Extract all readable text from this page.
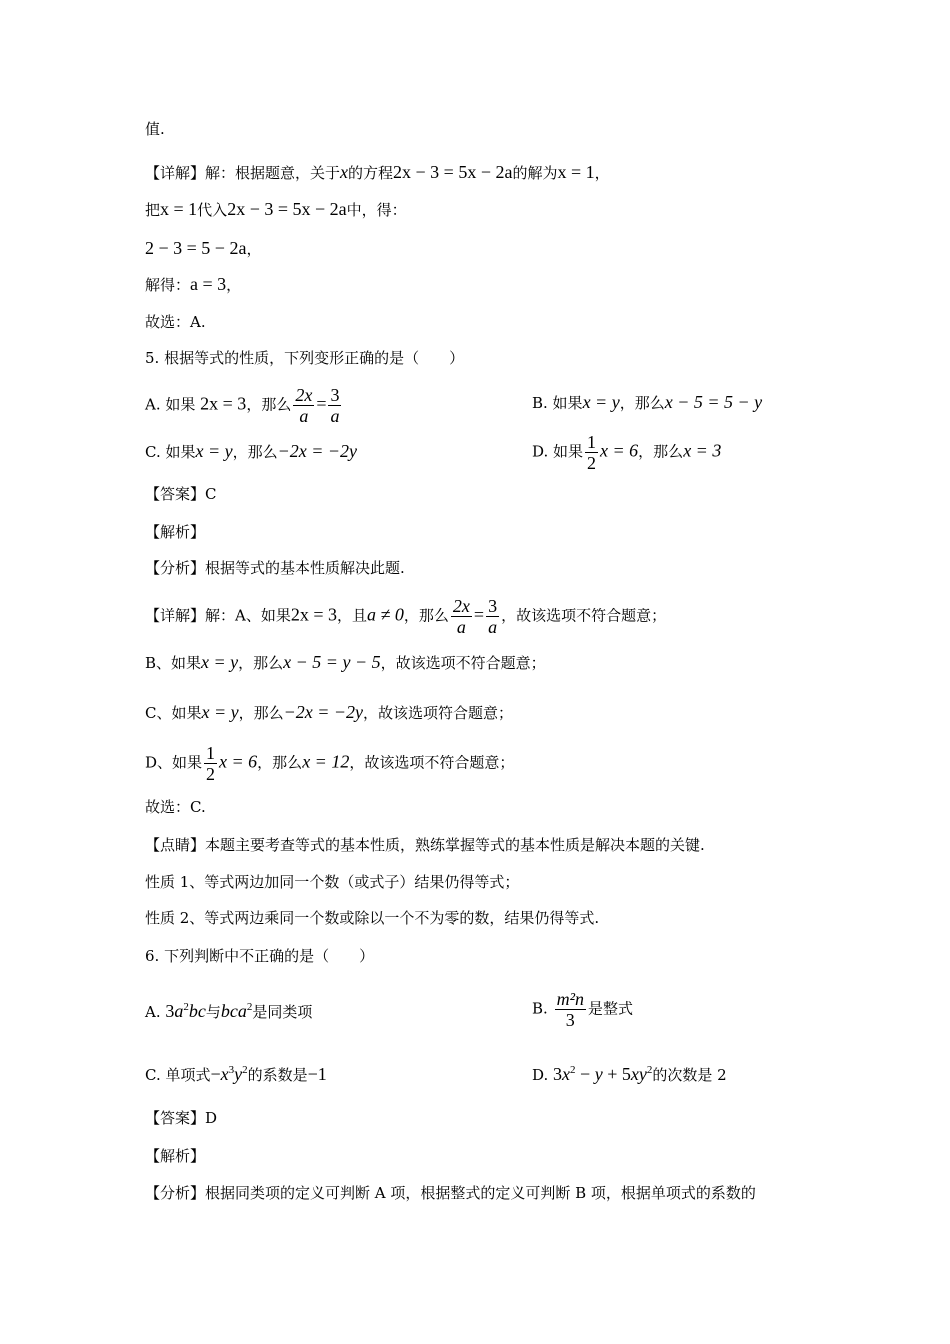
值.
【详解】解：根据题意，关于x的方程2x − 3 = 5x − 2a的解为x = 1，
把x = 1代入2x − 3 = 5x − 2a中，得：
2 − 3 = 5 − 2a，
解得：a = 3，
故选：A.
5. 根据等式的性质，下列变形正确的是（　　）
A. 如果 2x = 3，那么 $\frac{2x}{a} = \frac{3}{a}$	B. 如果x = y，那么x − 5 = 5 − y
C. 如果x = y，那么−2x = −2y	D. 如果 $\frac{1}{2}$ x = 6，那么x = 3
【答案】C
【解析】
【分析】根据等式的基本性质解决此题.
【详解】解：A、如果2x = 3，且a ≠ 0，那么 $\frac{2x}{a} = \frac{3}{a}$ ，故该选项不符合题意；
B、如果x = y，那么x − 5 = y − 5，故该选项不符合题意；
C、如果x = y，那么−2x = −2y，故该选项符合题意；
D、如果 $\frac{1}{2}$ x = 6，那么x = 12，故该选项不符合题意；
故选：C.
【点睛】本题主要考查等式的基本性质，熟练掌握等式的基本性质是解决本题的关键.
性质 1、等式两边加同一个数（或式子）结果仍得等式；
性质 2、等式两边乘同一个数或除以一个不为零的数，结果仍得等式.
6. 下列判断中不正确的是（　　）
A. $3a^2bc$与bca$^2$是同类项	B. $\frac{\text{m²n}}{3}$ 是整式
C. 单项式$-x^3y^2$的系数是−1	D. $3x^2 - y + 5xy^2$的次数是 2
【答案】D
【解析】
【分析】根据同类项的定义可判断 A 项，根据整式的定义可判断 B 项，根据单项式的系数的
